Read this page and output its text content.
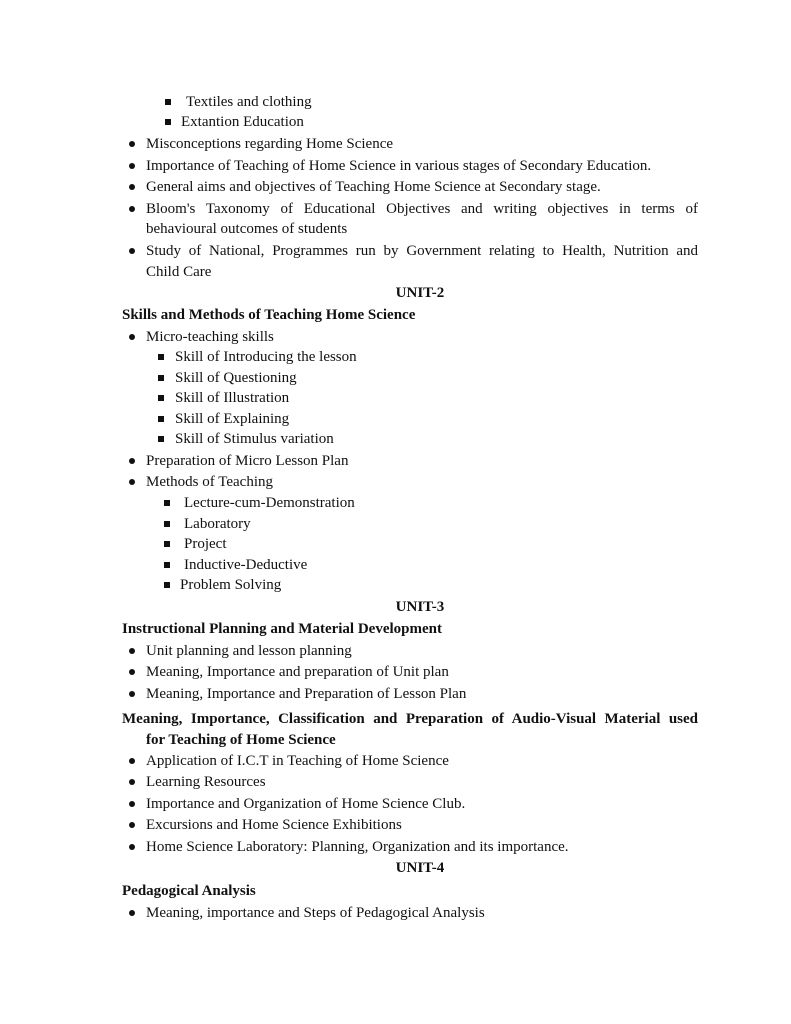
Textiles and clothing
Extantion Education
Misconceptions regarding Home Science
Importance of Teaching of Home Science in various stages of Secondary Education.
General aims and objectives of Teaching Home Science at Secondary stage.
Bloom's Taxonomy of Educational Objectives and writing objectives in terms of
behavioural outcomes of students
Study of National, Programmes run by Government relating to Health, Nutrition and
Child Care
UNIT-2
Skills and Methods of Teaching Home Science
Micro-teaching skills
Skill of Introducing the lesson
Skill of Questioning
Skill of Illustration
Skill of Explaining
Skill of Stimulus variation
Preparation of Micro Lesson Plan
Methods of Teaching
Lecture-cum-Demonstration
Laboratory
Project
Inductive-Deductive
Problem Solving
UNIT-3
Instructional Planning and Material Development
Unit planning and lesson planning
Meaning, Importance and preparation of Unit plan
Meaning, Importance and Preparation of Lesson Plan
Meaning, Importance, Classification and Preparation of Audio-Visual Material used
for Teaching of Home Science
Application of I.C.T in Teaching of Home Science
Learning Resources
Importance and Organization of Home Science Club.
Excursions and Home Science Exhibitions
Home Science Laboratory: Planning, Organization and its importance.
UNIT-4
Pedagogical Analysis
Meaning, importance and Steps of Pedagogical Analysis
